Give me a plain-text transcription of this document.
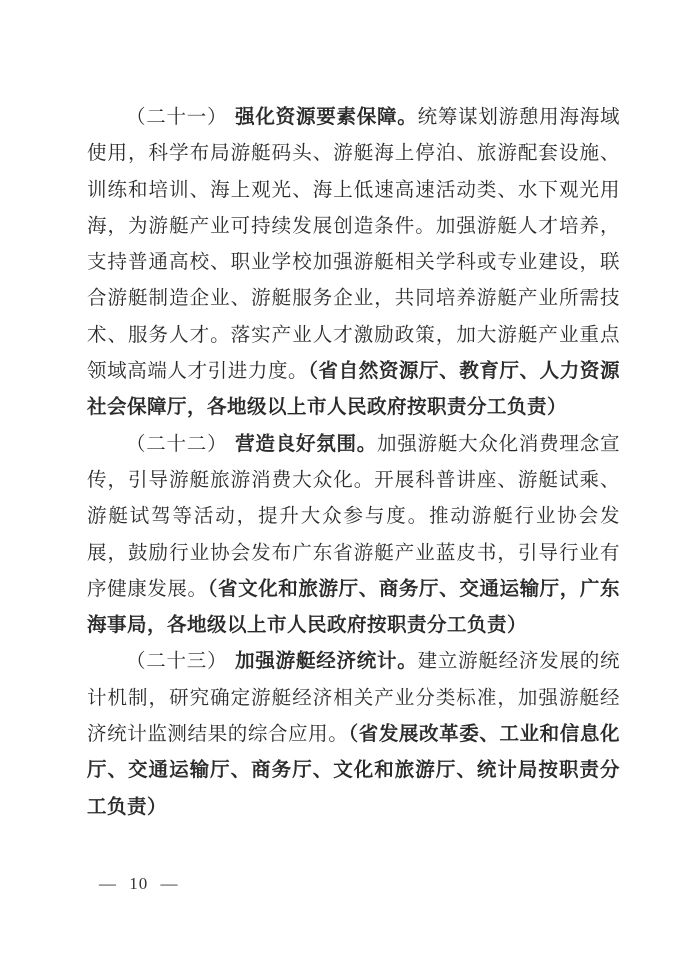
（二十一） 强化资源要素保障。统筹谋划游憩用海海域使用，科学布局游艇码头、游艇海上停泊、旅游配套设施、训练和培训、海上观光、海上低速高速活动类、水下观光用海，为游艇产业可持续发展创造条件。加强游艇人才培养，支持普通高校、职业学校加强游艇相关学科或专业建设，联合游艇制造企业、游艇服务企业，共同培养游艇产业所需技术、服务人才。落实产业人才激励政策，加大游艇产业重点领域高端人才引进力度。（省自然资源厅、教育厅、人力资源社会保障厅，各地级以上市人民政府按职责分工负责）

（二十二） 营造良好氛围。加强游艇大众化消费理念宣传，引导游艇旅游消费大众化。开展科普讲座、游艇试乘、游艇试驾等活动，提升大众参与度。推动游艇行业协会发展，鼓励行业协会发布广东省游艇产业蓝皮书，引导行业有序健康发展。（省文化和旅游厅、商务厅、交通运输厅，广东海事局，各地级以上市人民政府按职责分工负责）

（二十三） 加强游艇经济统计。建立游艇经济发展的统计机制，研究确定游艇经济相关产业分类标准，加强游艇经济统计监测结果的综合应用。（省发展改革委、工业和信息化厅、交通运输厅、商务厅、文化和旅游厅、统计局按职责分工负责）

— 10 —
